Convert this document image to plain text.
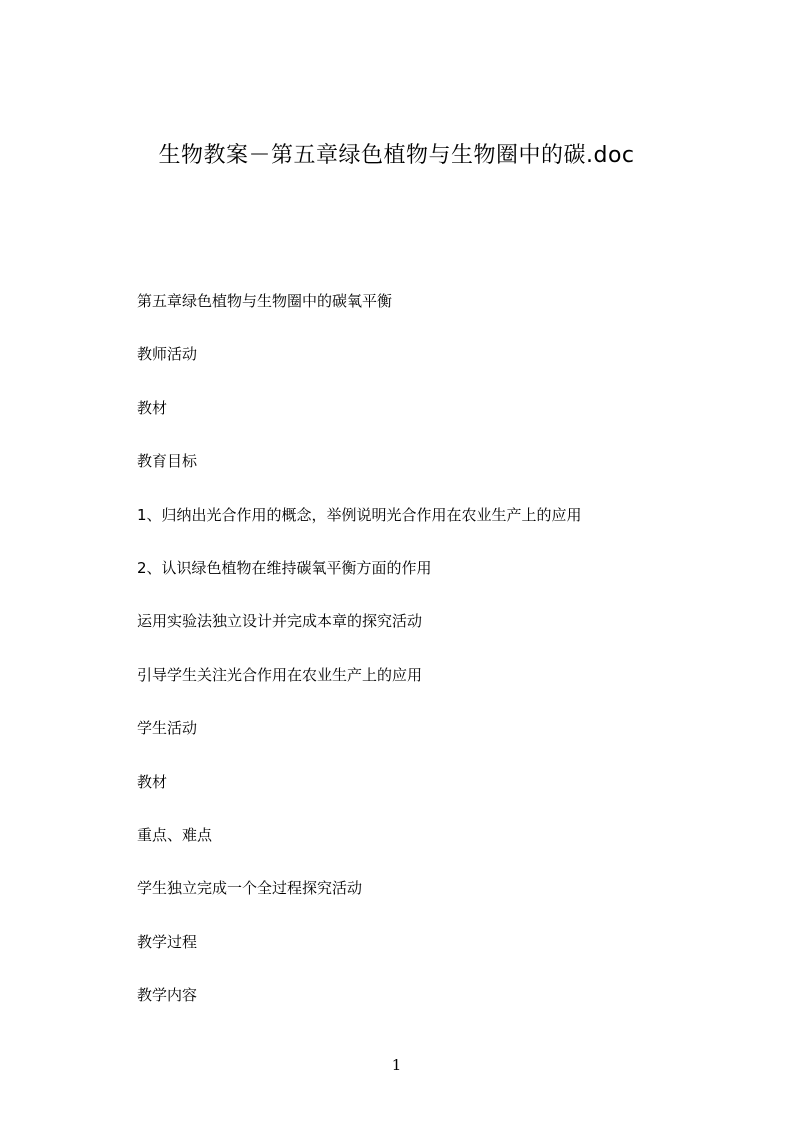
生物教案－第五章绿色植物与生物圈中的碳.doc
第五章绿色植物与生物圈中的碳氧平衡
教师活动
教材
教育目标
1、归纳出光合作用的概念，举例说明光合作用在农业生产上的应用
2、认识绿色植物在维持碳氧平衡方面的作用
运用实验法独立设计并完成本章的探究活动
引导学生关注光合作用在农业生产上的应用
学生活动
教材
重点、难点
学生独立完成一个全过程探究活动
教学过程
教学内容
1
